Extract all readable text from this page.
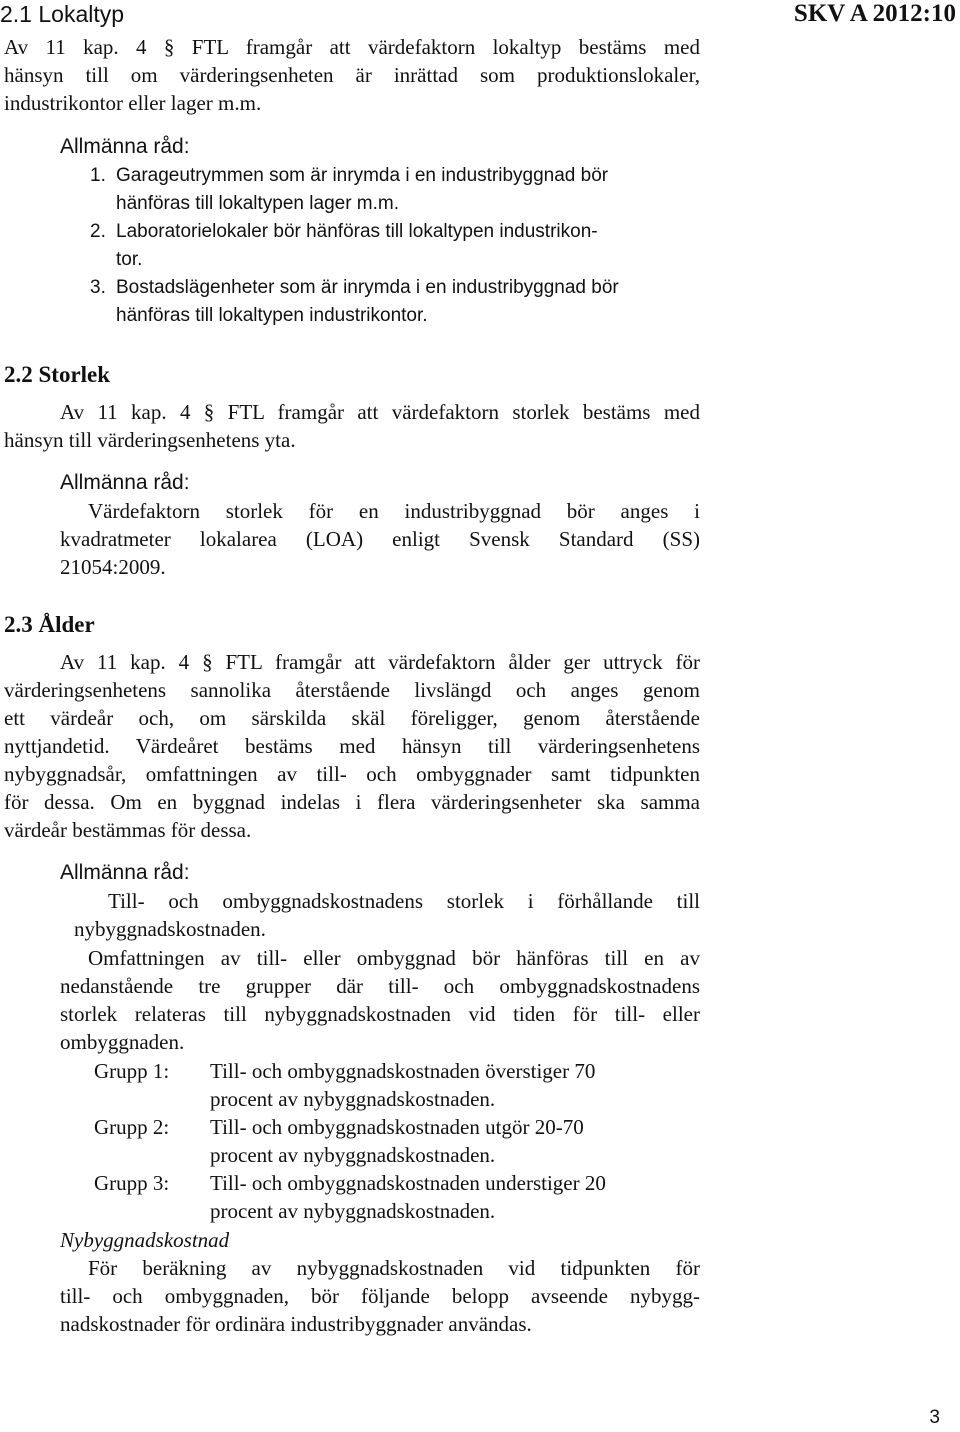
2.1 Lokaltyp	SKV A 2012:10
Av 11 kap. 4 § FTL framgår att värdefaktorn lokaltyp bestäms med
hänsyn till om värderingsenheten är inrättad som produktionslokaler,
industrikontor eller lager m.m.
Allmänna råd:
1. Garageutrymmen som är inrymda i en industribyggnad bör
hänföras till lokaltypen lager m.m.
2. Laboratorielokaler bör hänföras till lokaltypen industrikon-
tor.
3. Bostadslägenheter som är inrymda i en industribyggnad bör
hänföras till lokaltypen industrikontor.
2.2 Storlek
Av 11 kap. 4 § FTL framgår att värdefaktorn storlek bestäms med
hänsyn till värderingsenhetens yta.
Allmänna råd:
Värdefaktorn storlek för en industribyggnad bör anges i
kvadratmeter lokalarea (LOA) enligt Svensk Standard (SS)
21054:2009.
2.3 Ålder
Av 11 kap. 4 § FTL framgår att värdefaktorn ålder ger uttryck för
värderingsenhetens sannolika återstående livslängd och anges genom
ett värdeår och, om särskilda skäl föreligger, genom återstående
nyttjandetid. Värdeåret bestäms med hänsyn till värderingsenhetens
nybyggnadsår, omfattningen av till- och ombyggnader samt tidpunkten
för dessa. Om en byggnad indelas i flera värderingsenheter ska samma
värdeår bestämmas för dessa.
Allmänna råd:
Till- och ombyggnadskostnadens storlek i förhållande till
nybyggnadskostnaden.
Omfattningen av till- eller ombyggnad bör hänföras till en av
nedanstående tre grupper där till- och ombyggnadskostnadens
storlek relateras till nybyggnadskostnaden vid tiden för till- eller
ombyggnaden.
Grupp 1: Till- och ombyggnadskostnaden överstiger 70
procent av nybyggnadskostnaden.
Grupp 2: Till- och ombyggnadskostnaden utgör 20-70
procent av nybyggnadskostnaden.
Grupp 3: Till- och ombyggnadskostnaden understiger 20
procent av nybyggnadskostnaden.
Nybyggnadskostnad
För beräkning av nybyggnadskostnaden vid tidpunkten för
till- och ombyggnaden, bör följande belopp avseende nybygg-
nadskostnader för ordinära industribyggnader användas.
3
